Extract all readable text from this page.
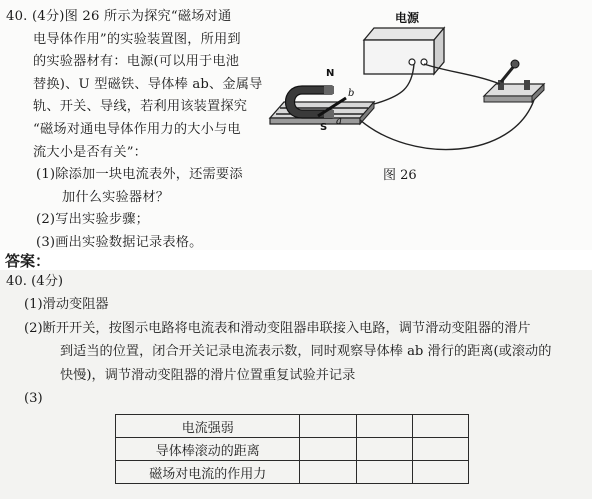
40. (4分)图 26 所示为探究“磁场对通
电导体作用”的实验装置图，所用到
的实验器材有：电源(可以用于电池
替换)、U 型磁铁、导体棒 ab、金属导
轨、开关、导线，若利用该装置探究
“磁场对通电导体作用力的大小与电
流大小是否有关”：
(1)除添加一块电流表外，还需要添
加什么实验器材？
(2)写出实验步骤；
(3)画出实验数据记录表格。
电源
N
S
a
b
图 26
答案：
40. (4分)
(1)滑动变阻器
(2)断开开关，按图示电路将电流表和滑动变阻器串联接入电路，调节滑动变阻器的滑片
到适当的位置，闭合开关记录电流表示数，同时观察导体棒 ab 滑行的距离(或滚动的
快慢)，调节滑动变阻器的滑片位置重复试验并记录
(3)
电流强弱			
导体棒滚动的距离			
磁场对电流的作用力			
